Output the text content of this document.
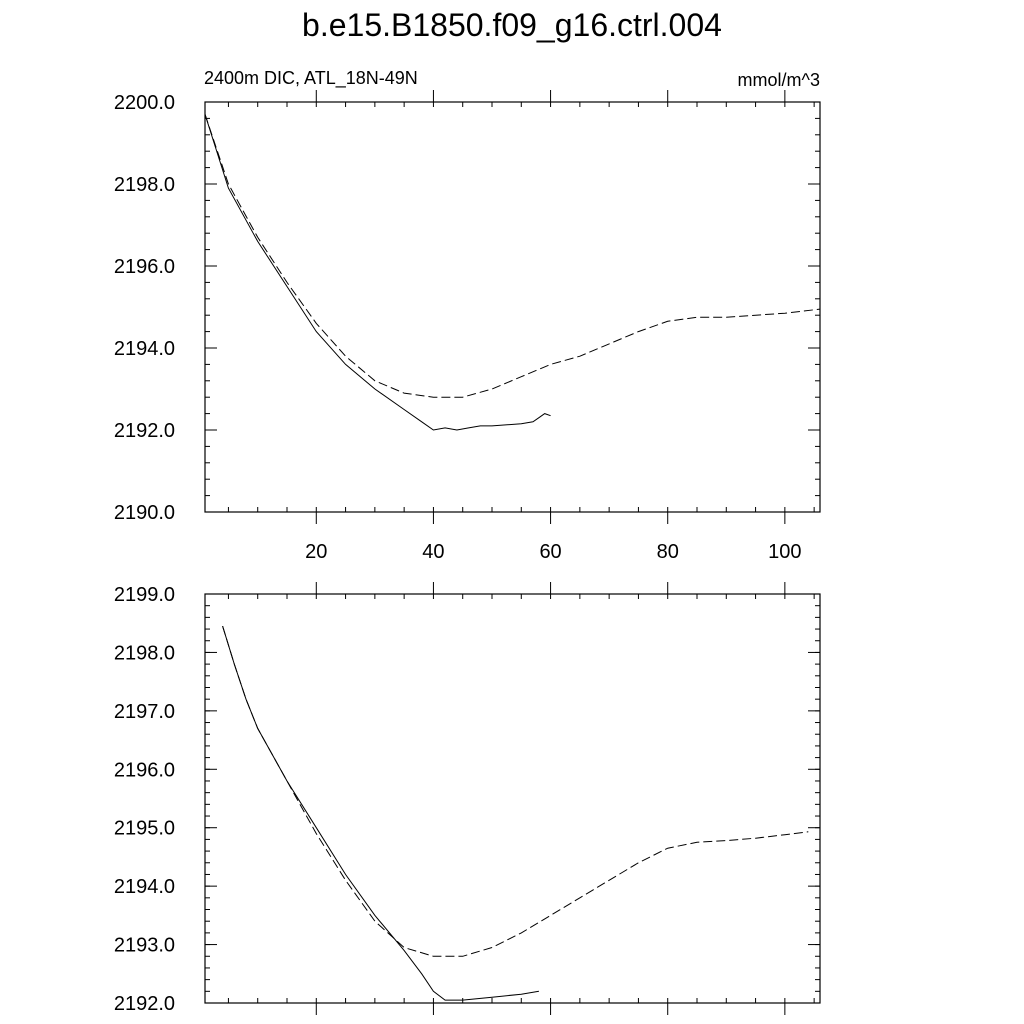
b.e15.B1850.f09_g16.ctrl.004
2400m DIC, ATL_18N-49N	mmol/m^3
2190.0
2192.0
2194.0
2196.0
2198.0
2200.0
20	40	60	80	100
2192.0
2193.0
2194.0
2195.0
2196.0
2197.0
2198.0
2199.0
